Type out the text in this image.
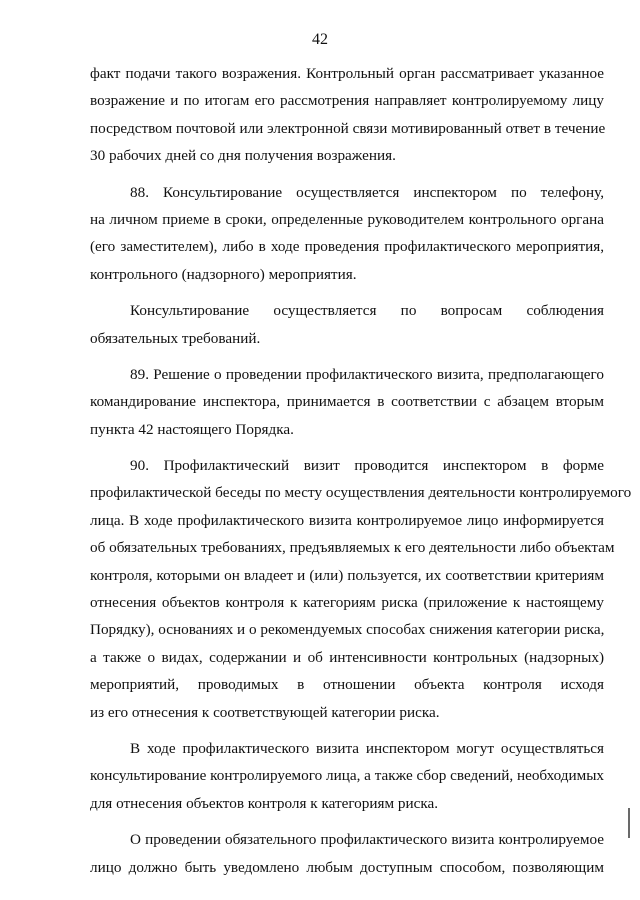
42
факт подачи такого возражения. Контрольный орган рассматривает указанное
возражение и по итогам его рассмотрения направляет контролируемому лицу
посредством почтовой или электронной связи мотивированный ответ в течение
30 рабочих дней со дня получения возражения.
88. Консультирование осуществляется инспектором по телефону,
на личном приеме в сроки, определенные руководителем контрольного органа
(его заместителем), либо в ходе проведения профилактического мероприятия,
контрольного (надзорного) мероприятия.
Консультирование осуществляется по вопросам соблюдения
обязательных требований.
89. Решение о проведении профилактического визита, предполагающего
командирование инспектора, принимается в соответствии с абзацем вторым
пункта 42 настоящего Порядка.
90. Профилактический визит проводится инспектором в форме
профилактической беседы по месту осуществления деятельности контролируемого
лица. В ходе профилактического визита контролируемое лицо информируется
об обязательных требованиях, предъявляемых к его деятельности либо объектам
контроля, которыми он владеет и (или) пользуется, их соответствии критериям
отнесения объектов контроля к категориям риска (приложение к настоящему
Порядку), основаниях и о рекомендуемых способах снижения категории риска,
а также о видах, содержании и об интенсивности контрольных (надзорных)
мероприятий, проводимых в отношении объекта контроля исходя
из его отнесения к соответствующей категории риска.
В ходе профилактического визита инспектором могут осуществляться
консультирование контролируемого лица, а также сбор сведений, необходимых
для отнесения объектов контроля к категориям риска.
О проведении обязательного профилактического визита контролируемое
лицо должно быть уведомлено любым доступным способом, позволяющим
